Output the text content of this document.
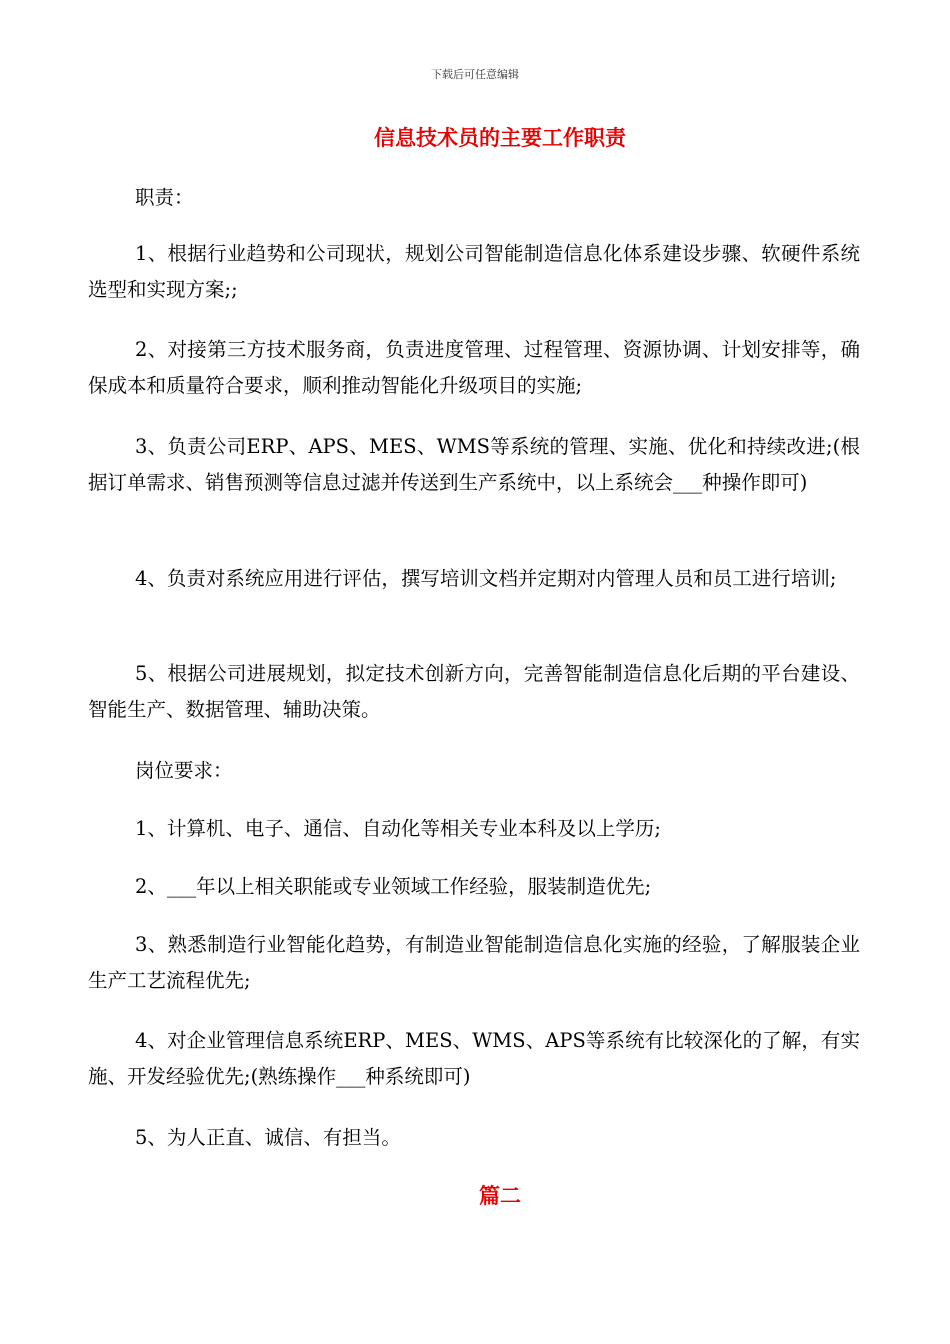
下载后可任意编辑
信息技术员的主要工作职责

职责：

1、根据行业趋势和公司现状，规划公司智能制造信息化体系建设步骤、软硬件系统选型和实现方案;;

2、对接第三方技术服务商，负责进度管理、过程管理、资源协调、计划安排等，确保成本和质量符合要求，顺利推动智能化升级项目的实施;

3、负责公司ERP、APS、MES、WMS等系统的管理、实施、优化和持续改进;(根据订单需求、销售预测等信息过滤并传送到生产系统中，以上系统会___种操作即可)

4、负责对系统应用进行评估，撰写培训文档并定期对内管理人员和员工进行培训;

5、根据公司进展规划，拟定技术创新方向，完善智能制造信息化后期的平台建设、智能生产、数据管理、辅助决策。

岗位要求：

1、计算机、电子、通信、自动化等相关专业本科及以上学历;

2、___年以上相关职能或专业领域工作经验，服装制造优先;

3、熟悉制造行业智能化趋势，有制造业智能制造信息化实施的经验，了解服装企业生产工艺流程优先;

4、对企业管理信息系统ERP、MES、WMS、APS等系统有比较深化的了解，有实施、开发经验优先;(熟练操作___种系统即可)

5、为人正直、诚信、有担当。

篇二
